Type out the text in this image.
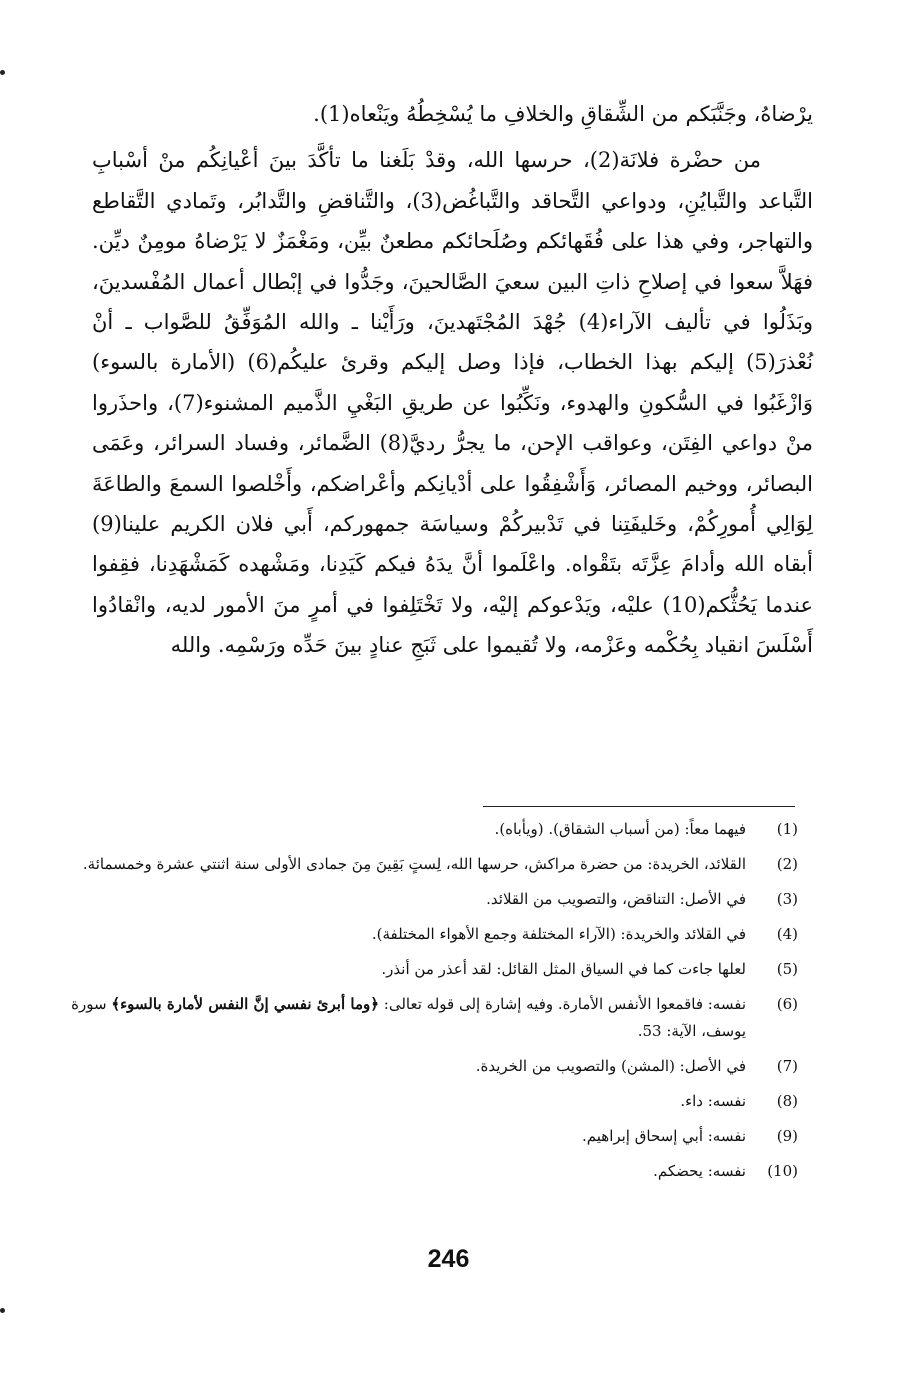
يرْضاهُ، وجَنَّبَكم من الشِّقاقِ والخلافِ ما يُسْخِطُهُ ويَنْعاه(1).

من حضْرة فلانَة(2)، حرسها الله، وقدْ بَلَغنا ما تأكَّدَ بينَ أعْيانِكُم منْ أسْبابِ التَّباعد والتَّبايُنِ، ودواعي التَّحاقد والتَّباغُض(3)، والتَّناقضِ والتَّدابُر، وتَمادي التَّقاطع والتهاجر، وفي هذا على فُقَهائكم وصُلَحائكم مطعنٌ بيِّن، ومَغْمَزٌ لا يَرْضاهُ مومِنٌ ديِّن. فهَلاَّ سعوا في إصلاحِ ذاتِ البين سعيَ الصَّالحينَ، وجَدُّوا في إبْطال أعمال المُفْسدينَ، وبَذَلُوا في تأليف الآراء(4) جُهْدَ المُجْتَهدينَ، ورَأَيْنا ـ والله المُوَفِّقُ للصَّواب ـ أنْ نُعْذرَ(5) إليكم بهذا الخطاب، فإذا وصل إليكم وقرئ عليكُم(6) (الأمارة بالسوء) وَازْغَبُوا في السُّكونِ والهدوء، ونَكِّبُوا عن طريقِ البَغْيِ الذَّميم المشنوء(7)، واحذَروا منْ دواعي الفِتَن، وعواقب الإحن، ما يجرُّ رديَّ(8) الضَّمائر، وفساد السرائر، وعَمَى البصائر، ووخيم المصائر، وَأَشْفِقُوا على أدْيانِكم وأعْراضكم، وأَخْلصوا السمعَ والطاعَةَ لِوَالِي أُمورِكُمْ، وخَليفَتِنا في تَدْبيركُمْ وسياسَة جمهوركم، أَبي فلان الكريم علينا(9) أبقاه الله وأدامَ عِزَّتَه بتَقْواه. واعْلَموا أنَّ يدَهُ فيكم كَيَدِنا، ومَشْهده كَمَشْهَدِنا، فقِفوا عندما يَحُثُّكم(10) عليْه، ويَدْعوكم إليْه، ولا تَخْتَلِفوا في أمرٍ منَ الأمور لديه، وانْقادُوا أَسْلَسَ انقياد بِحُكْمه وعَزْمه، ولا تُقيموا على ثَبَجِ عنادٍ بينَ حَدِّه ورَسْمِه. والله

(1)
فيهما معاً: (من أسباب الشقاق). (ويأباه).
(2)
القلائد، الخريدة: من حضرة مراكش، حرسها الله، لِستٍ بَقِينَ مِنَ جمادى الأولى سنة اثنتي عشرة وخمسمائة.
(3)
في الأصل: التناقض، والتصويب من القلائد.
(4)
في القلائد والخريدة: (الآراء المختلفة وجمع الأهواء المختلفة).
(5)
لعلها جاءت كما في السياق المثل القائل: لقد أعذر من أنذر.
(6)
نفسه: فاقمعوا الأنفس الأمارة. وفيه إشارة إلى قوله تعالى: ﴿وما أبرئ نفسي إنَّ النفس لأمارة بالسوء﴾ سورة يوسف، الآية: 53.
(7)
في الأصل: (المشن) والتصويب من الخريدة.
(8)
نفسه: داء.
(9)
نفسه: أبي إسحاق إبراهيم.
(10)
نفسه: يحضكم.
246
